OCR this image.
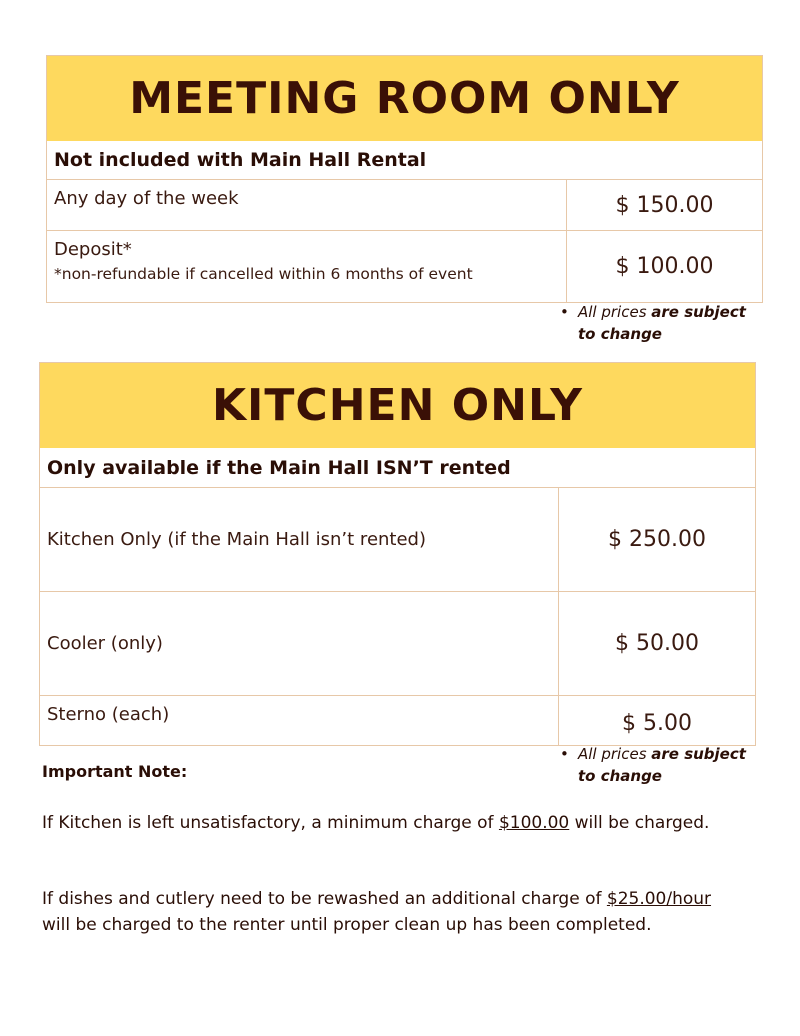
MEETING ROOM ONLY
Not included with Main Hall Rental
Any day of the week	$ 150.00
Deposit*
*non-refundable if cancelled within 6 months of event	$ 100.00
• All prices are subject
to change
KITCHEN ONLY
Only available if the Main Hall ISN’T rented
Kitchen Only (if the Main Hall isn’t rented)	$ 250.00
Cooler (only)	$ 50.00
Sterno (each)	$ 5.00
• All prices are subject
to change
Important Note:
If Kitchen is left unsatisfactory, a minimum charge of $100.00 will be charged.
If dishes and cutlery need to be rewashed an additional charge of $25.00/hour will be charged to the renter until proper clean up has been completed.
